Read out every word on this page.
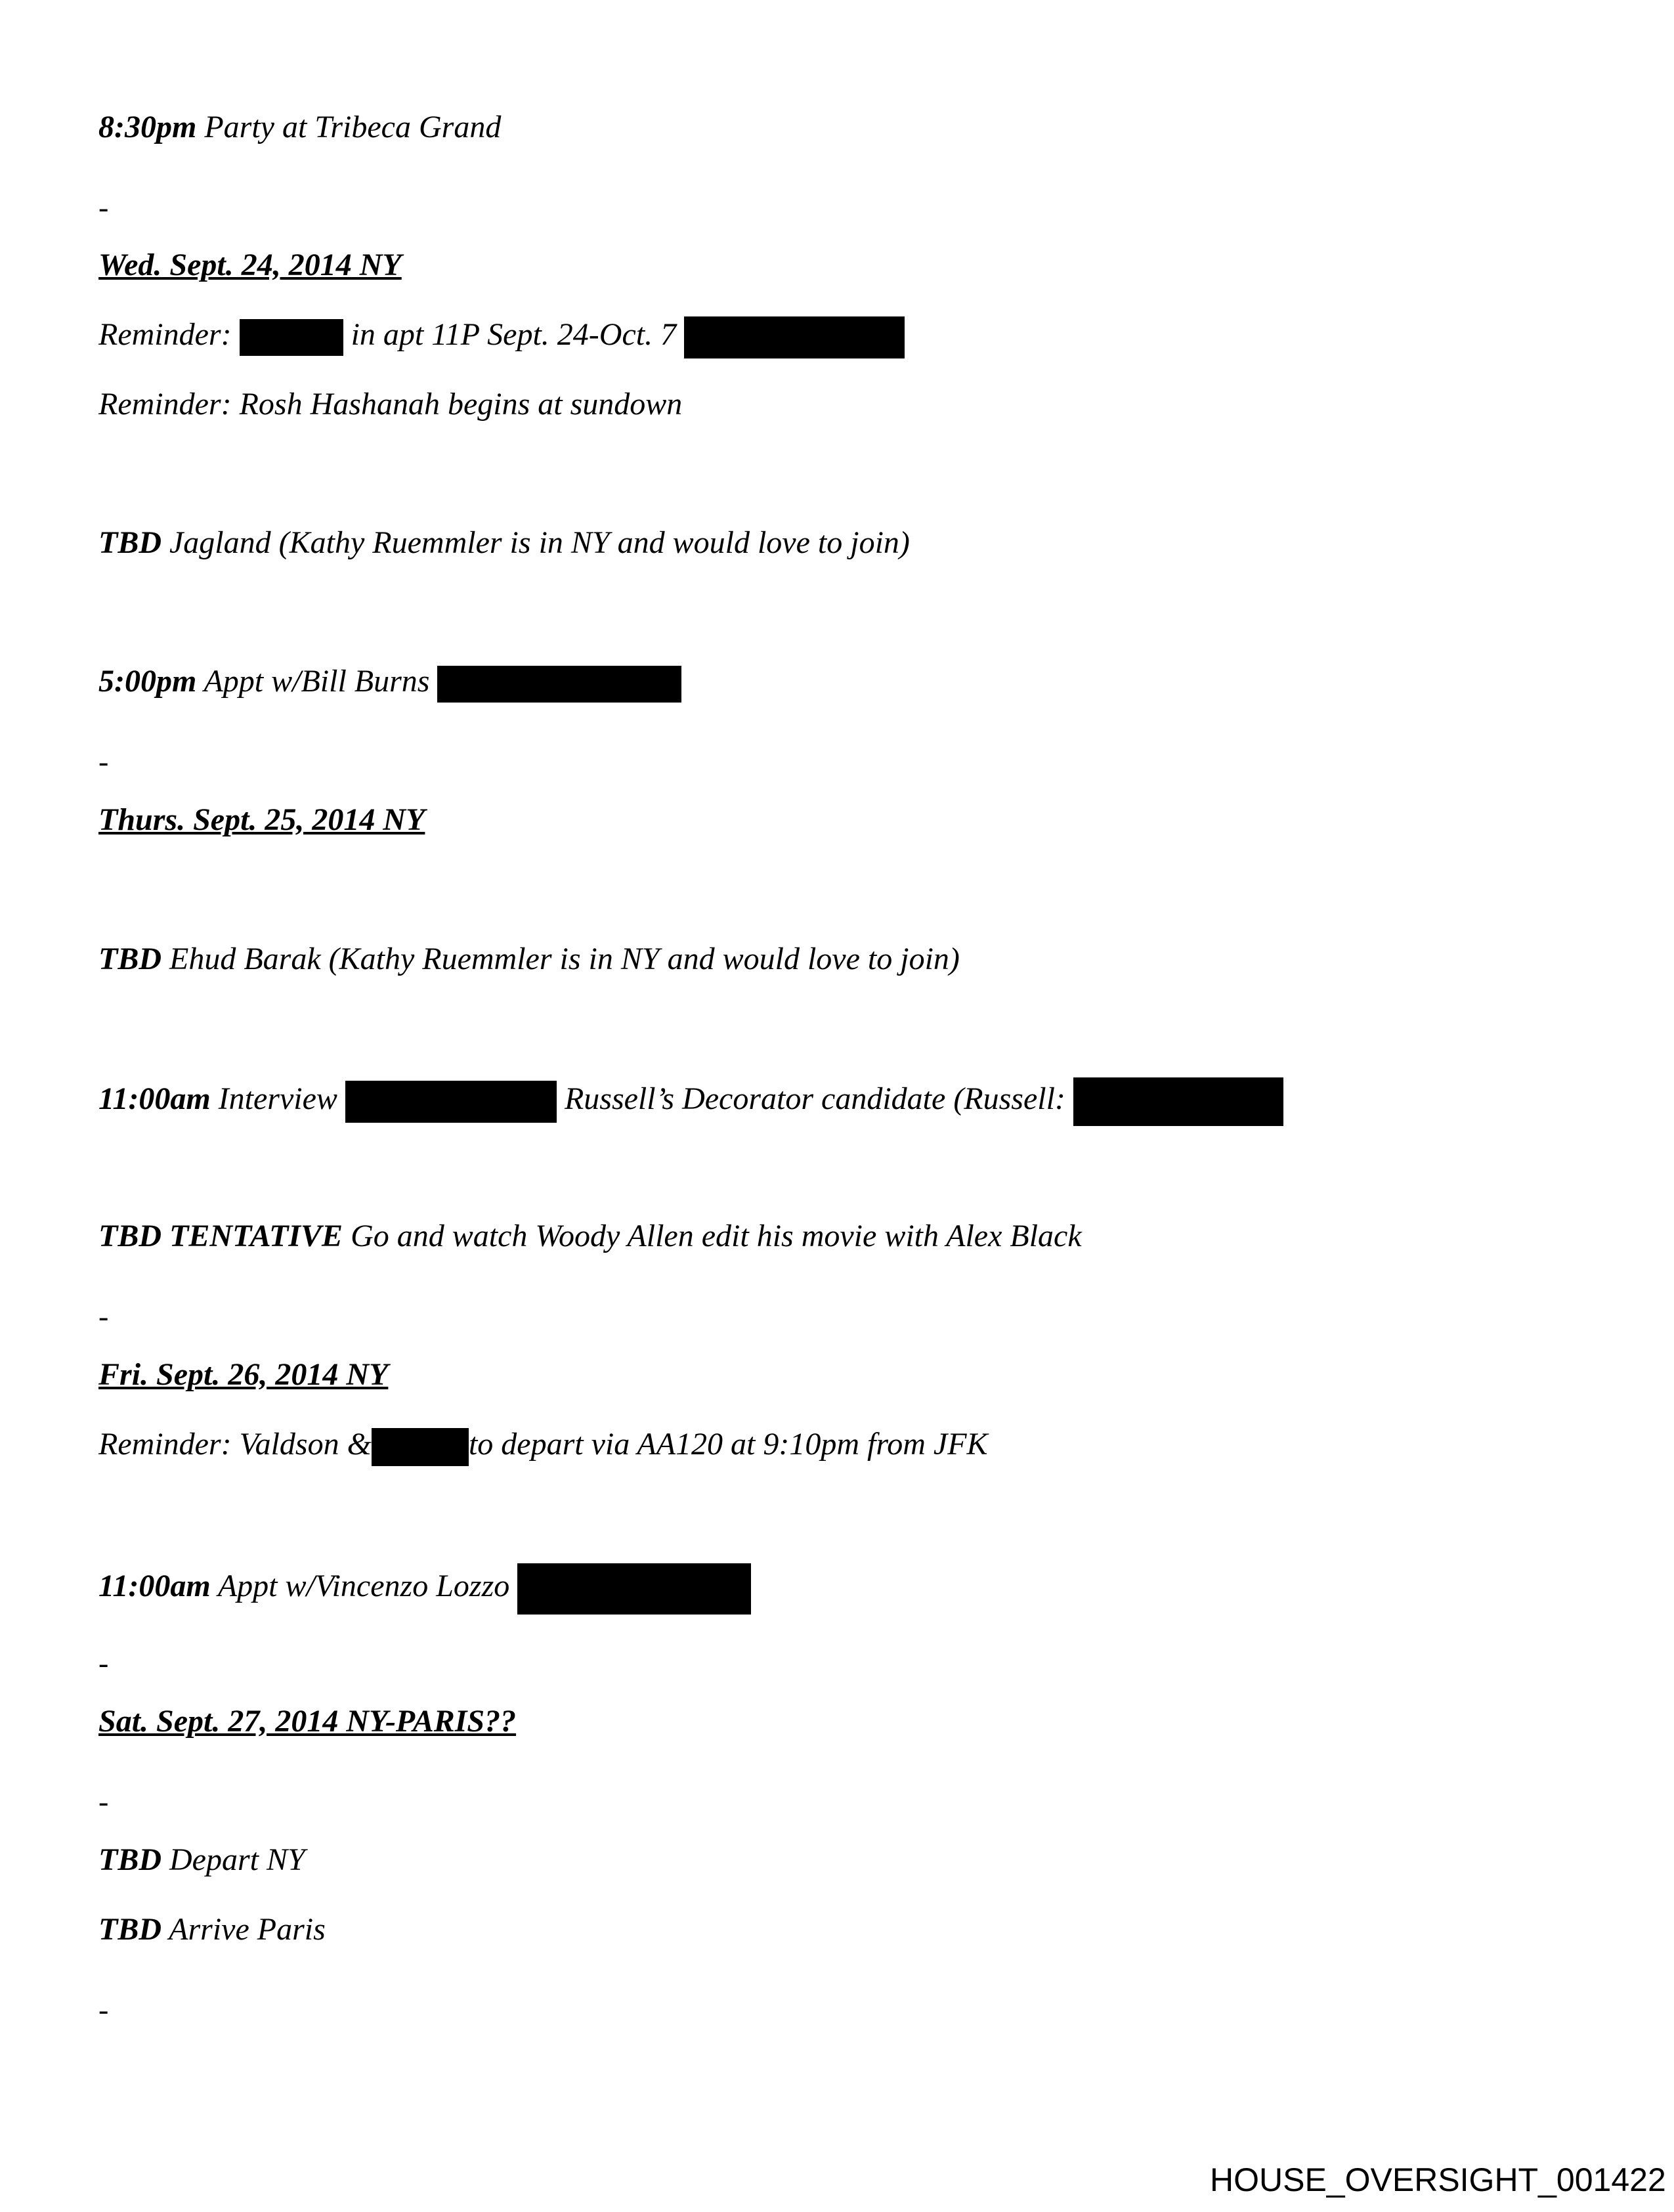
8:30pm Party at Tribeca Grand
-
Wed. Sept. 24, 2014 NY
Reminder:	in apt 11P Sept. 24-Oct. 7
Reminder: Rosh Hashanah begins at sundown
TBD Jagland (Kathy Ruemmler is in NY and would love to join)
5:00pm Appt w/Bill Burns
-
Thurs. Sept. 25, 2014 NY
TBD Ehud Barak (Kathy Ruemmler is in NY and would love to join)
11:00am Interview	Russell’s Decorator candidate (Russell:
TBD TENTATIVE Go and watch Woody Allen edit his movie with Alex Black
-
Fri. Sept. 26, 2014 NY
Reminder: Valdson &	to depart via AA120 at 9:10pm from JFK
11:00am Appt w/Vincenzo Lozzo
-
Sat. Sept. 27, 2014 NY-PARIS??
-
TBD Depart NY
TBD Arrive Paris
-
HOUSE_OVERSIGHT_001422
